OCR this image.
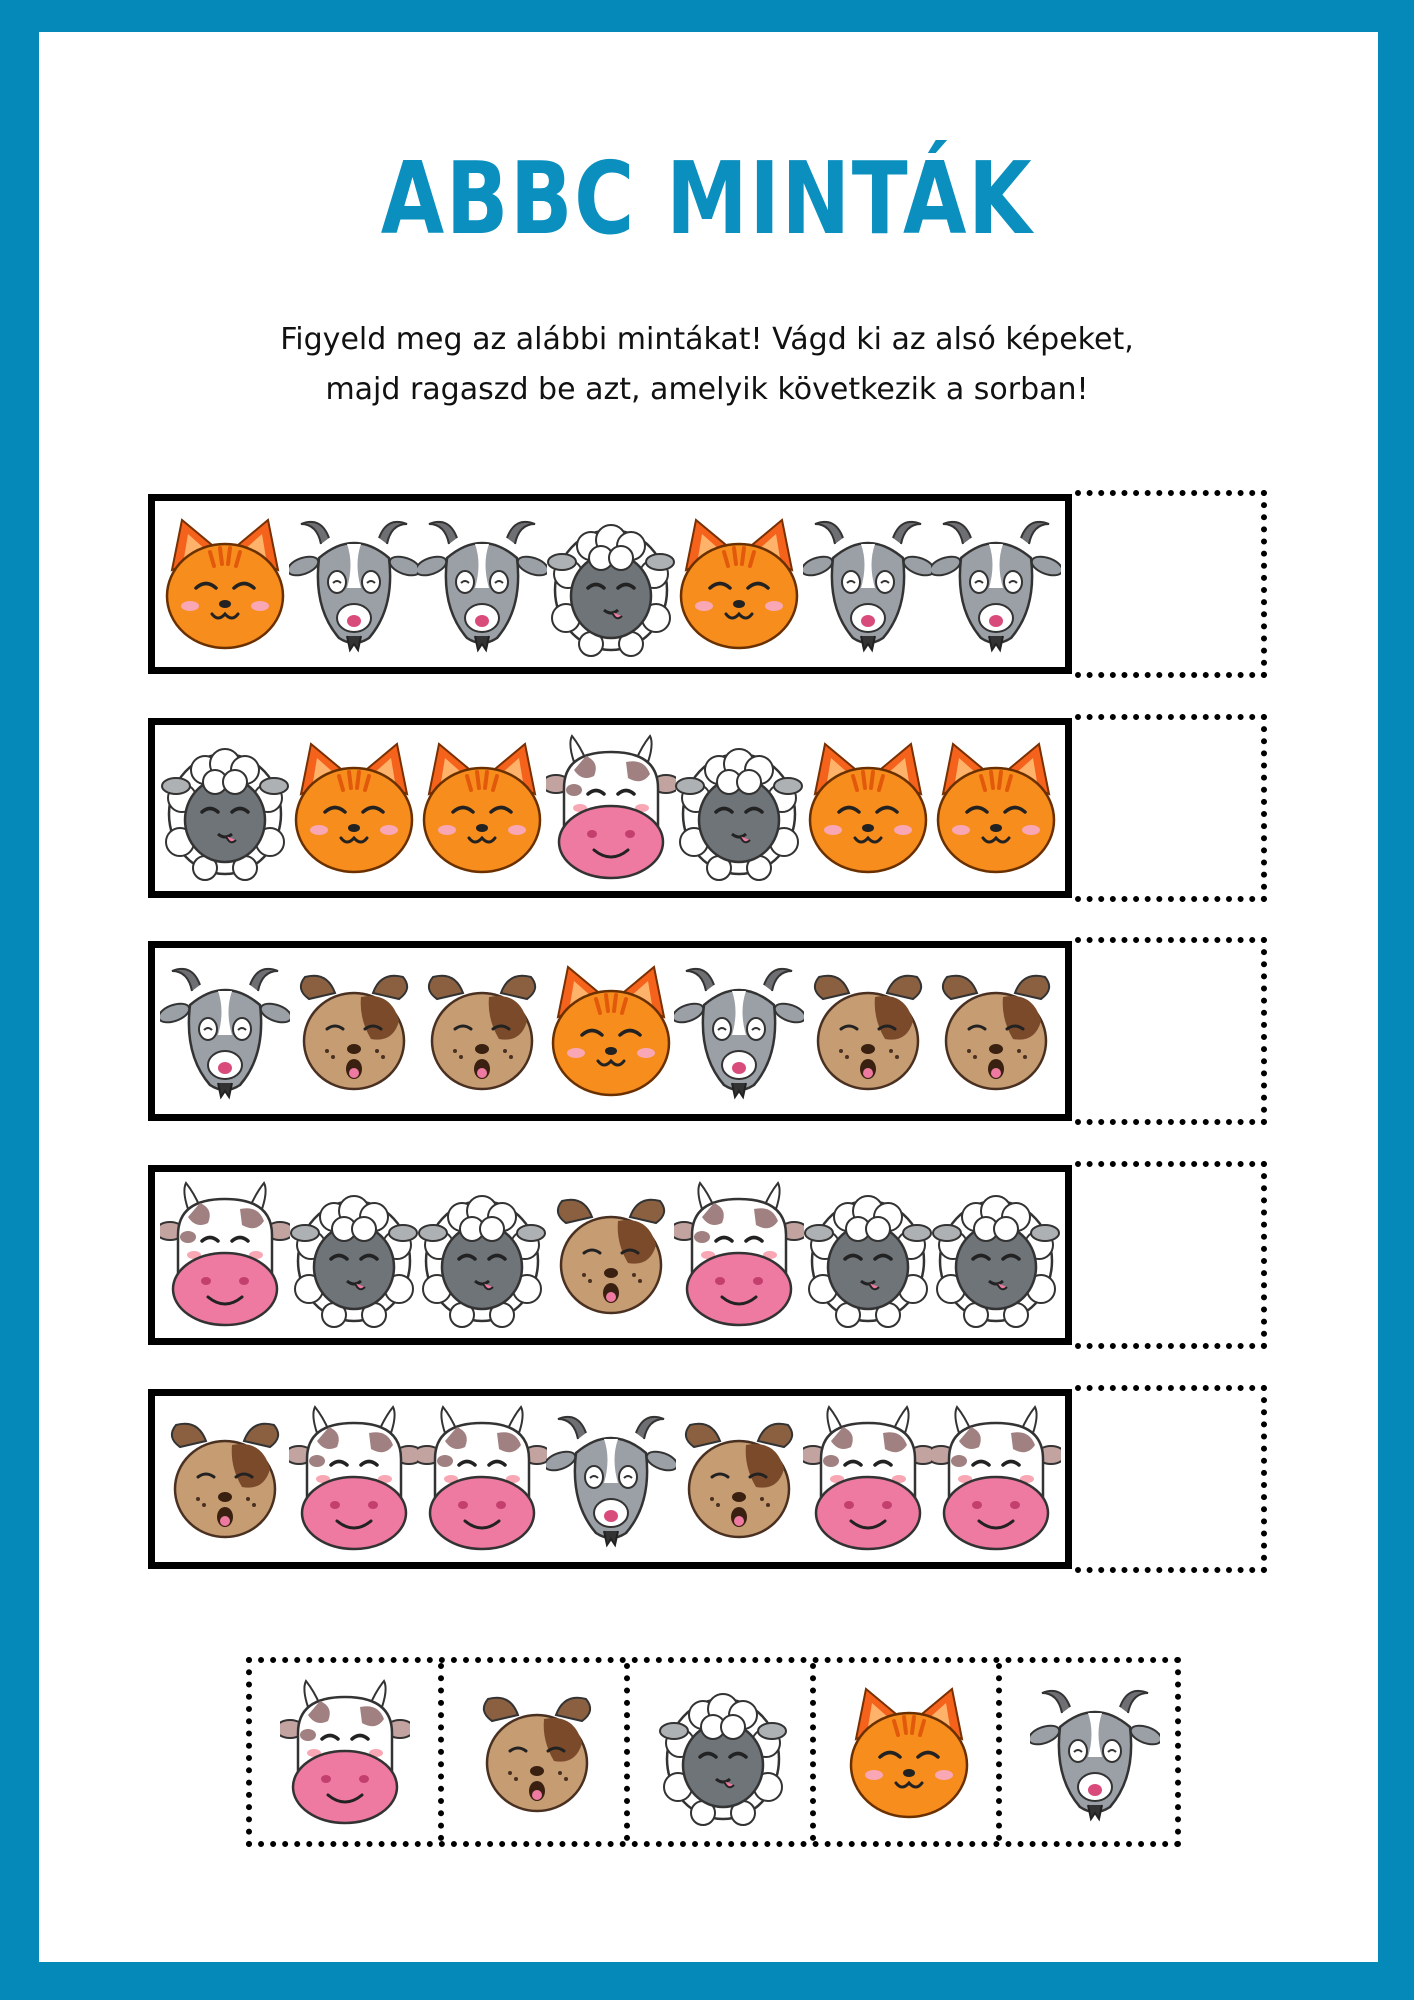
ABBC MINTÁK
Figyeld meg az alábbi mintákat! Vágd ki az alsó képeket,
majd ragaszd be azt, amelyik következik a sorban!
